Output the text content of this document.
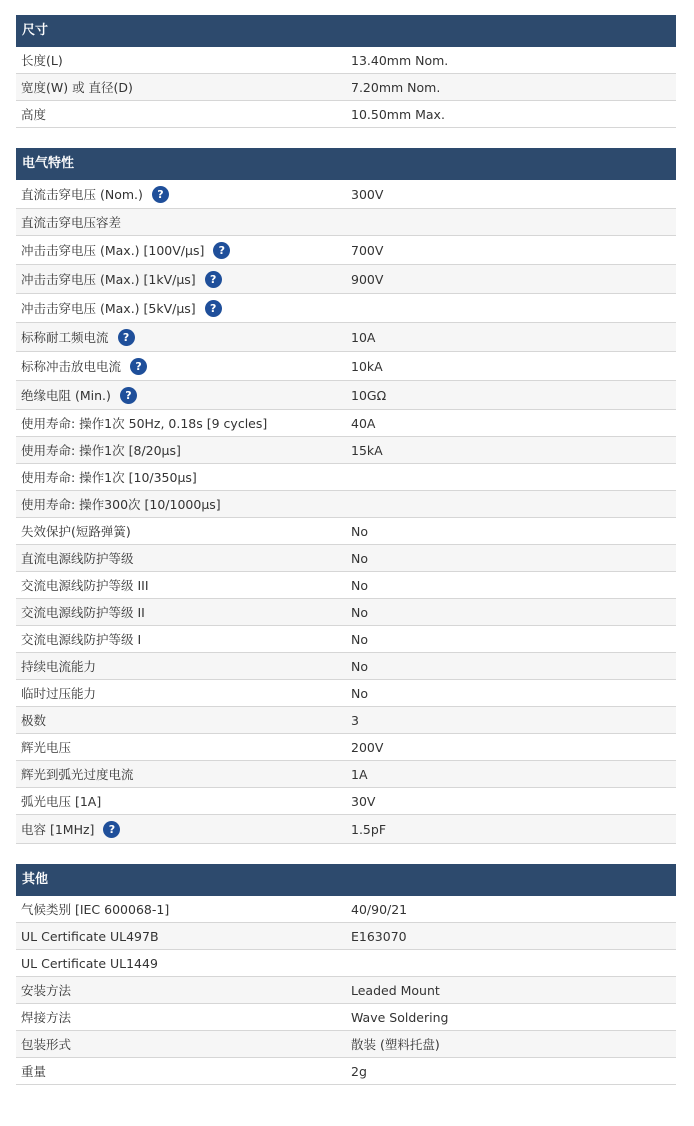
尺寸
长度(L)	13.40mm Nom.
宽度(W) 或 直径(D)	7.20mm Nom.
高度	10.50mm Max.
电气特性
直流击穿电压 (Nom.)	?	300V
直流击穿电压容差
冲击击穿电压 (Max.) [100V/µs]	?	700V
冲击击穿电压 (Max.) [1kV/µs]	?	900V
冲击击穿电压 (Max.) [5kV/µs]	?
标称耐工频电流	?	10A
标称冲击放电电流	?	10kA
绝缘电阻 (Min.)	?	10GΩ
使用寿命: 操作1次 50Hz, 0.18s [9 cycles]	40A
使用寿命: 操作1次 [8/20µs]	15kA
使用寿命: 操作1次 [10/350µs]
使用寿命: 操作300次 [10/1000µs]
失效保护(短路弹簧)	No
直流电源线防护等级	No
交流电源线防护等级 III	No
交流电源线防护等级 II	No
交流电源线防护等级 I	No
持续电流能力	No
临时过压能力	No
极数	3
辉光电压	200V
辉光到弧光过度电流	1A
弧光电压 [1A]	30V
电容 [1MHz]	?	1.5pF
其他
气候类别 [IEC 600068-1]	40/90/21
UL Certificate UL497B	E163070
UL Certificate UL1449
安装方法	Leaded Mount
焊接方法	Wave Soldering
包装形式	散装 (塑料托盘)
重量	2g
